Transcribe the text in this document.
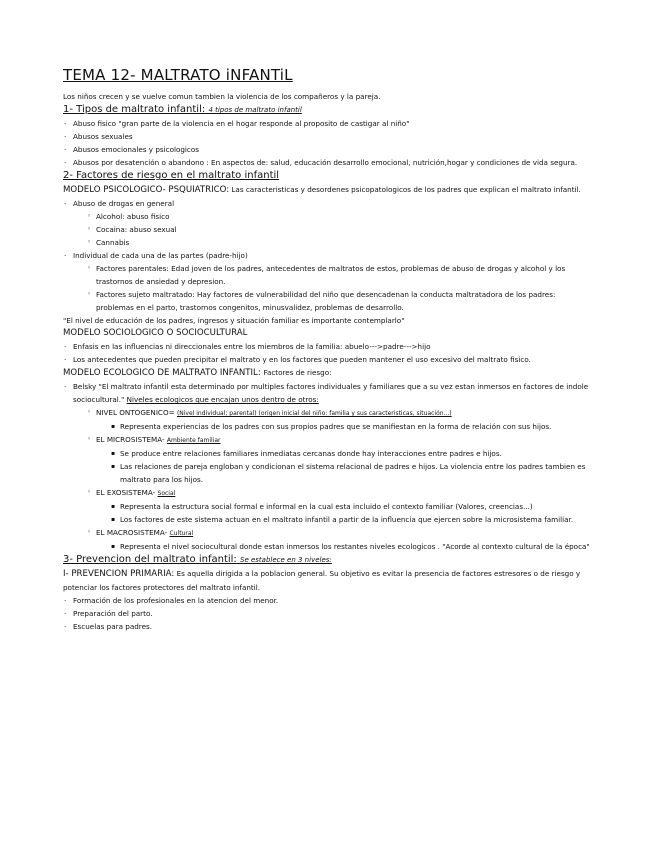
TEMA 12- MALTRATO iNFANTiL

Los niños crecen y se vuelve comun tambien la violencia de los compañeros y la pareja.

1- Tipos de maltrato infantil: 4 tipos de maltrato infantil

· Abuso fisico "gran parte de la violencia en el hogar responde al proposito de castigar al niño"
· Abusos sexuales
· Abusos emocionales y psicologicos
· Abusos por desatención o abandono : En aspectos de: salud, educación desarrollo emocional, nutrición,hogar y condiciones de vida segura.

2- Factores de riesgo en el maltrato infantil

MODELO PSICOLOGICO- PSQUIATRICO: Las caracteristicas y desordenes psicopatologicos de los padres que explican el maltrato infantil.

· Abuso de drogas en general
◦ Alcohol: abuso fisico
◦ Cocaina: abuso sexual
◦ Cannabis
· Individual de cada una de las partes (padre-hijo)
◦ Factores parentales: Edad joven de los padres, antecedentes de maltratos de estos, problemas de abuso de drogas y alcohol y los trastornos de ansiedad y depresion.
◦ Factores sujeto maltratado: Hay factores de vulnerabilidad del niño que desencadenan la conducta maltratadora de los padres: problemas en el parto, trastornos congenitos, minusvalidez, problemas de desarrollo.

"El nivel de educación de los padres, ingresos y situación familiar es importante contemplarlo"

MODELO SOCIOLOGICO O SOCIOCULTURAL

· Enfasis en las influencias ni direccionales entre los miembros de la familia: abuelo--->padre--->hijo
· Los antecedentes que pueden precipitar el maltrato y en los factores que pueden mantener el uso excesivo del maltrato fisico.

MODELO ECOLOGICO DE MALTRATO INFANTIL: Factores de riesgo:

· Belsky "El maltrato infantil esta determinado por multiples factores individuales y familiares que a su vez estan inmersos en factores de indole sociocultural." Niveles ecologicos que encajan unos dentro de otros:
◦ NIVEL ONTOGENICO= (Nivel individual; parental) (origen inicial del niño: familia y sus caracteristicas, situación...)
▪ Representa experiencias de los padres con sus propios padres que se manifiestan en la forma de relación con sus hijos.
◦ EL MICROSISTEMA- Ambiente familiar
▪ Se produce entre relaciones familiares inmediatas cercanas donde hay interacciones entre padres e hijos.
▪ Las relaciones de pareja engloban y condicionan el sistema relacional de padres e hijos. La violencia entre los padres tambien es maltrato para los hijos.
◦ EL EXOSISTEMA- Social
▪ Representa la estructura social formal e informal en la cual esta incluido el contexto familiar (Valores, creencias...)
▪ Los factores de este sistema actuan en el maltrato infantil a partir de la influencia que ejercen sobre la microsistema familiar.
◦ EL MACROSISTEMA- Cultural
▪ Representa el nivel sociocultural donde estan inmersos los restantes niveles ecologicos . "Acorde al contexto cultural de la época"

3- Prevencion del maltrato infantil: Se establece en 3 niveles:

I- PREVENCION PRIMARIA: Es aquella dirigida a la poblacion general. Su objetivo es evitar la presencia de factores estresores o de riesgo y potenciar los factores protectores del maltrato infantil.

· Formación de los profesionales en la atencion del menor.
· Preparación del parto.
· Escuelas para padres.
